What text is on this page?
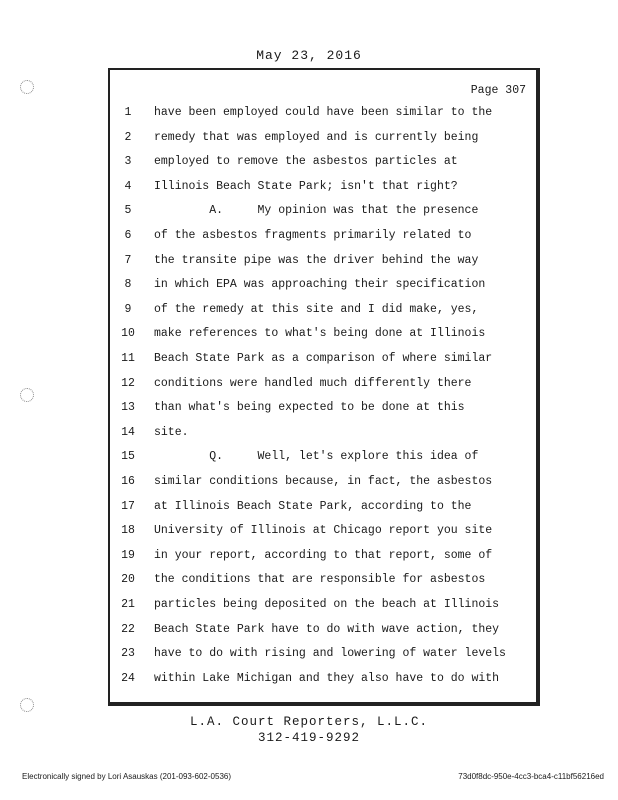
May 23, 2016
Page 307
1	have been employed could have been similar to the
2	remedy that was employed and is currently being
3	employed to remove the asbestos particles at
4	Illinois Beach State Park; isn't that right?
5	A.     My opinion was that the presence
6	of the asbestos fragments primarily related to
7	the transite pipe was the driver behind the way
8	in which EPA was approaching their specification
9	of the remedy at this site and I did make, yes,
10	make references to what's being done at Illinois
11	Beach State Park as a comparison of where similar
12	conditions were handled much differently there
13	than what's being expected to be done at this
14	site.
15	Q.     Well, let's explore this idea of
16	similar conditions because, in fact, the asbestos
17	at Illinois Beach State Park, according to the
18	University of Illinois at Chicago report you site
19	in your report, according to that report, some of
20	the conditions that are responsible for asbestos
21	particles being deposited on the beach at Illinois
22	Beach State Park have to do with wave action, they
23	have to do with rising and lowering of water levels
24	within Lake Michigan and they also have to do with
L.A. Court Reporters, L.L.C.
312-419-9292
Electronically signed by Lori Asauskas (201-093-602-0536)	73d0f8dc-950e-4cc3-bca4-c11bf56216ed
